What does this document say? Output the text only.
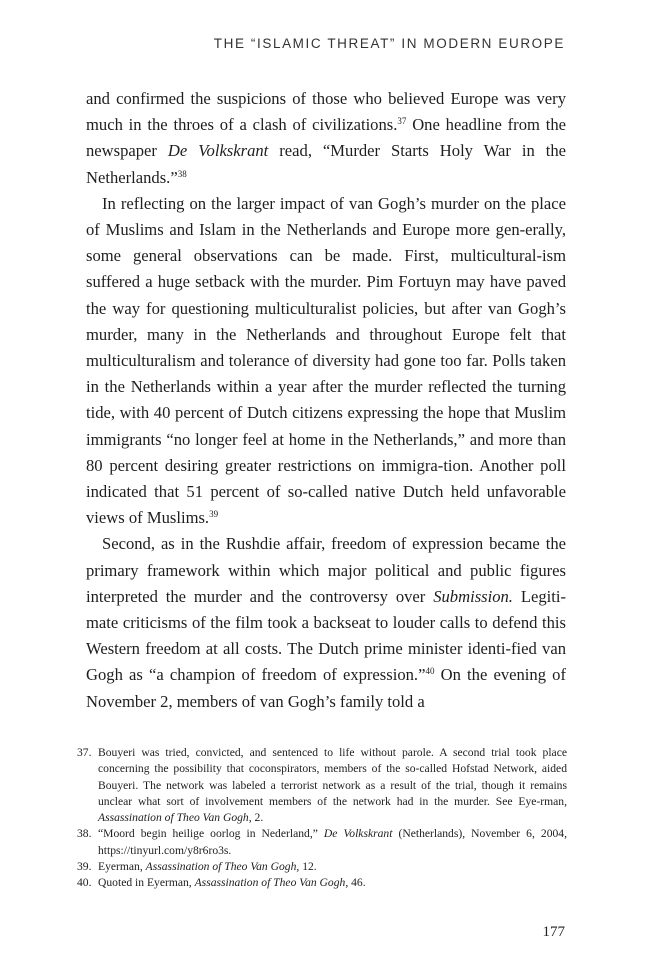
THE “ISLAMIC THREAT” IN MODERN EUROPE

and confirmed the suspicions of those who believed Europe was very much in the throes of a clash of civilizations.$^{37}$ One headline from the newspaper De Volkskrant read, “Murder Starts Holy War in the Netherlands.”$^{38}$

In reflecting on the larger impact of van Gogh’s murder on the place of Muslims and Islam in the Netherlands and Europe more gen-erally, some general observations can be made. First, multicultural-ism suffered a huge setback with the murder. Pim Fortuyn may have paved the way for questioning multiculturalist policies, but after van Gogh’s murder, many in the Netherlands and throughout Europe felt that multiculturalism and tolerance of diversity had gone too far. Polls taken in the Netherlands within a year after the murder reflected the turning tide, with 40 percent of Dutch citizens expressing the hope that Muslim immigrants “no longer feel at home in the Netherlands,” and more than 80 percent desiring greater restrictions on immigra-tion. Another poll indicated that 51 percent of so-called native Dutch held unfavorable views of Muslims.$^{39}$

Second, as in the Rushdie affair, freedom of expression became the primary framework within which major political and public figures interpreted the murder and the controversy over Submission. Legiti-mate criticisms of the film took a backseat to louder calls to defend this Western freedom at all costs. The Dutch prime minister identi-fied van Gogh as “a champion of freedom of expression.”$^{40}$ On the evening of November 2, members of van Gogh’s family told a

37. Bouyeri was tried, convicted, and sentenced to life without parole. A second trial took place concerning the possibility that coconspirators, members of the so-called Hofstad Network, aided Bouyeri. The network was labeled a terrorist network as a result of the trial, though it remains unclear what sort of involvement members of the network had in the murder. See Eye-rman, Assassination of Theo Van Gogh, 2.
38. “Moord begin heilige oorlog in Nederland,” De Volkskrant (Netherlands), November 6, 2004, https://tinyurl.com/y8r6ro3s.
39. Eyerman, Assassination of Theo Van Gogh, 12.
40. Quoted in Eyerman, Assassination of Theo Van Gogh, 46.
177
